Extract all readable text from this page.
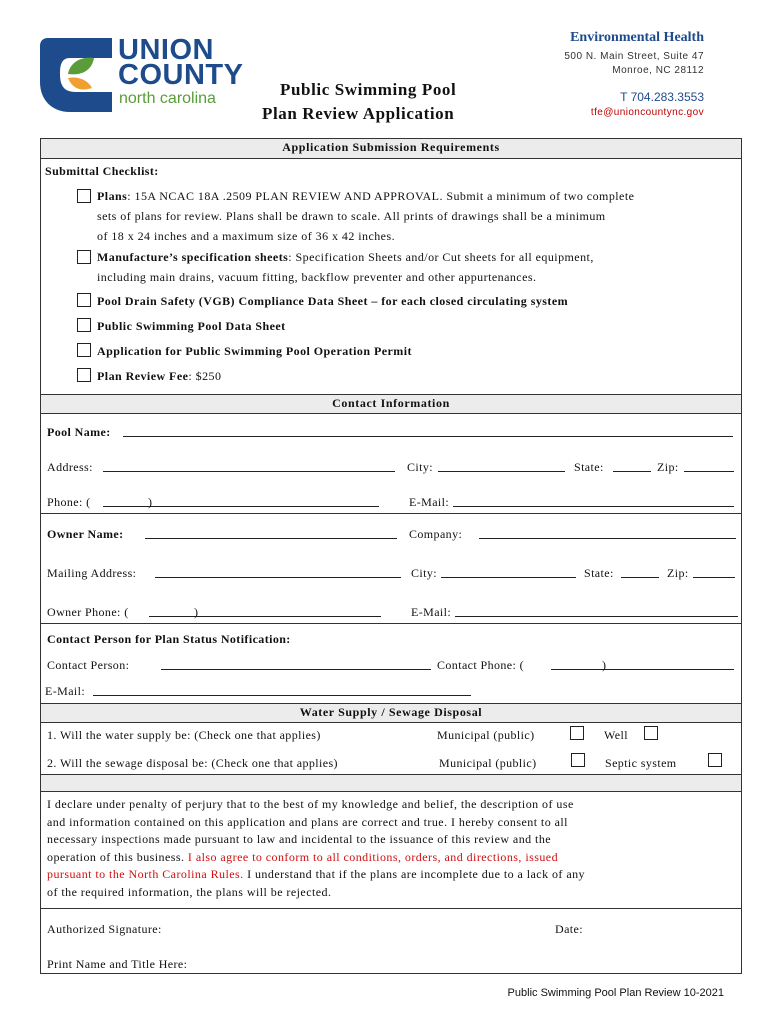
UNION
COUNTY
north carolina	Public Swimming Pool
Plan Review Application
Environmental Health
500 N. Main Street, Suite 47
Monroe, NC 28112
T 704.283.3553
tfe@unioncountync.gov
Application Submission Requirements
Submittal Checklist:
Plans: 15A NCAC 18A .2509 PLAN REVIEW AND APPROVAL. Submit a minimum of two complete
sets of plans for review. Plans shall be drawn to scale. All prints of drawings shall be a minimum
of 18 x 24 inches and a maximum size of 36 x 42 inches.
Manufacture’s specification sheets: Specification Sheets and/or Cut sheets for all equipment,
including main drains, vacuum fitting, backflow preventer and other appurtenances.
Pool Drain Safety (VGB) Compliance Data Sheet – for each closed circulating system
Public Swimming Pool Data Sheet
Application for Public Swimming Pool Operation Permit
Plan Review Fee: $250
Contact Information
Pool Name:
Address:	City:	State:	Zip:
Phone: (	)	E-Mail:
Owner Name:	Company:
Mailing Address:	City:	State:	Zip:
Owner Phone: (	)	E-Mail:
Contact Person for Plan Status Notification:
Contact Person:	Contact Phone: (	)
E-Mail:
Water Supply / Sewage Disposal
1. Will the water supply be: (Check one that applies)	Municipal (public)	Well
2. Will the sewage disposal be: (Check one that applies)	Municipal (public)	Septic system
I declare under penalty of perjury that to the best of my knowledge and belief, the description of use
and information contained on this application and plans are correct and true. I hereby consent to all
necessary inspections made pursuant to law and incidental to the issuance of this review and the
operation of this business. I also agree to conform to all conditions, orders, and directions, issued
pursuant to the North Carolina Rules. I understand that if the plans are incomplete due to a lack of any
of the required information, the plans will be rejected.
Authorized Signature:	Date:
Print Name and Title Here:
Public Swimming Pool Plan Review 10-2021
